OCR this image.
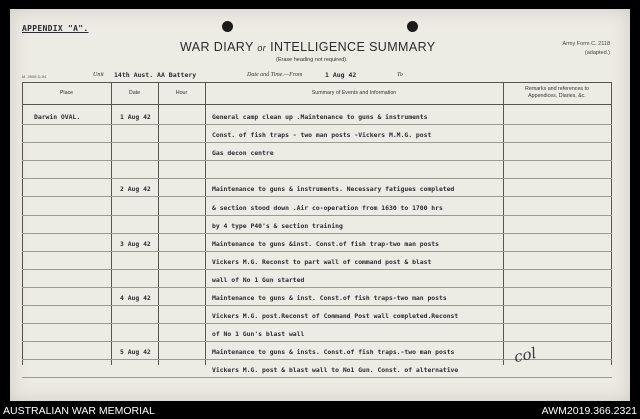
APPENDIX "A".
WAR DIARY or INTELLIGENCE SUMMARY
(Erase heading not required).
Army Form C. 2118
(adapted.)
M. 3908 D-54	Unit 14th Aust. AA Battery	Date and Time.—From	1 Aug 42	To
Place	Date	Hour	Summary of Events and Information
Remarks and references to
Appendices, Diaries, &c.
Darwin OVAL.	1 Aug 42	General camp clean up .Maintenance to guns & instruments
Const. of fish traps - two man posts -Vickers M.M.G. post
Gas decon centre
2 Aug 42	Maintenance to guns & instruments. Necessary fatigues completed
& section stood down .Air co-operation from 1630 to 1700 hrs
by 4 type P40's & section training
3 Aug 42	Maintenance to guns &inst. Const.of fish trap-two man posts
Vickers M.G. Reconst to part wall of command post & blast
wall of No 1 Gun started
4 Aug 42	Maintenance to guns & inst. Const.of fish traps-two man posts
Vickers M.G. post.Reconst of Command Post wall completed.Reconst
of No 1 Gun's blast wall
5 Aug 42	Maintenance to guns & insts. Const.of fish traps.-two man posts
Vickers M.G. post & blast wall to No1 Gun. Const. of alternative
col
AUSTRALIAN WAR MEMORIAL	AWM2019.366.2321
